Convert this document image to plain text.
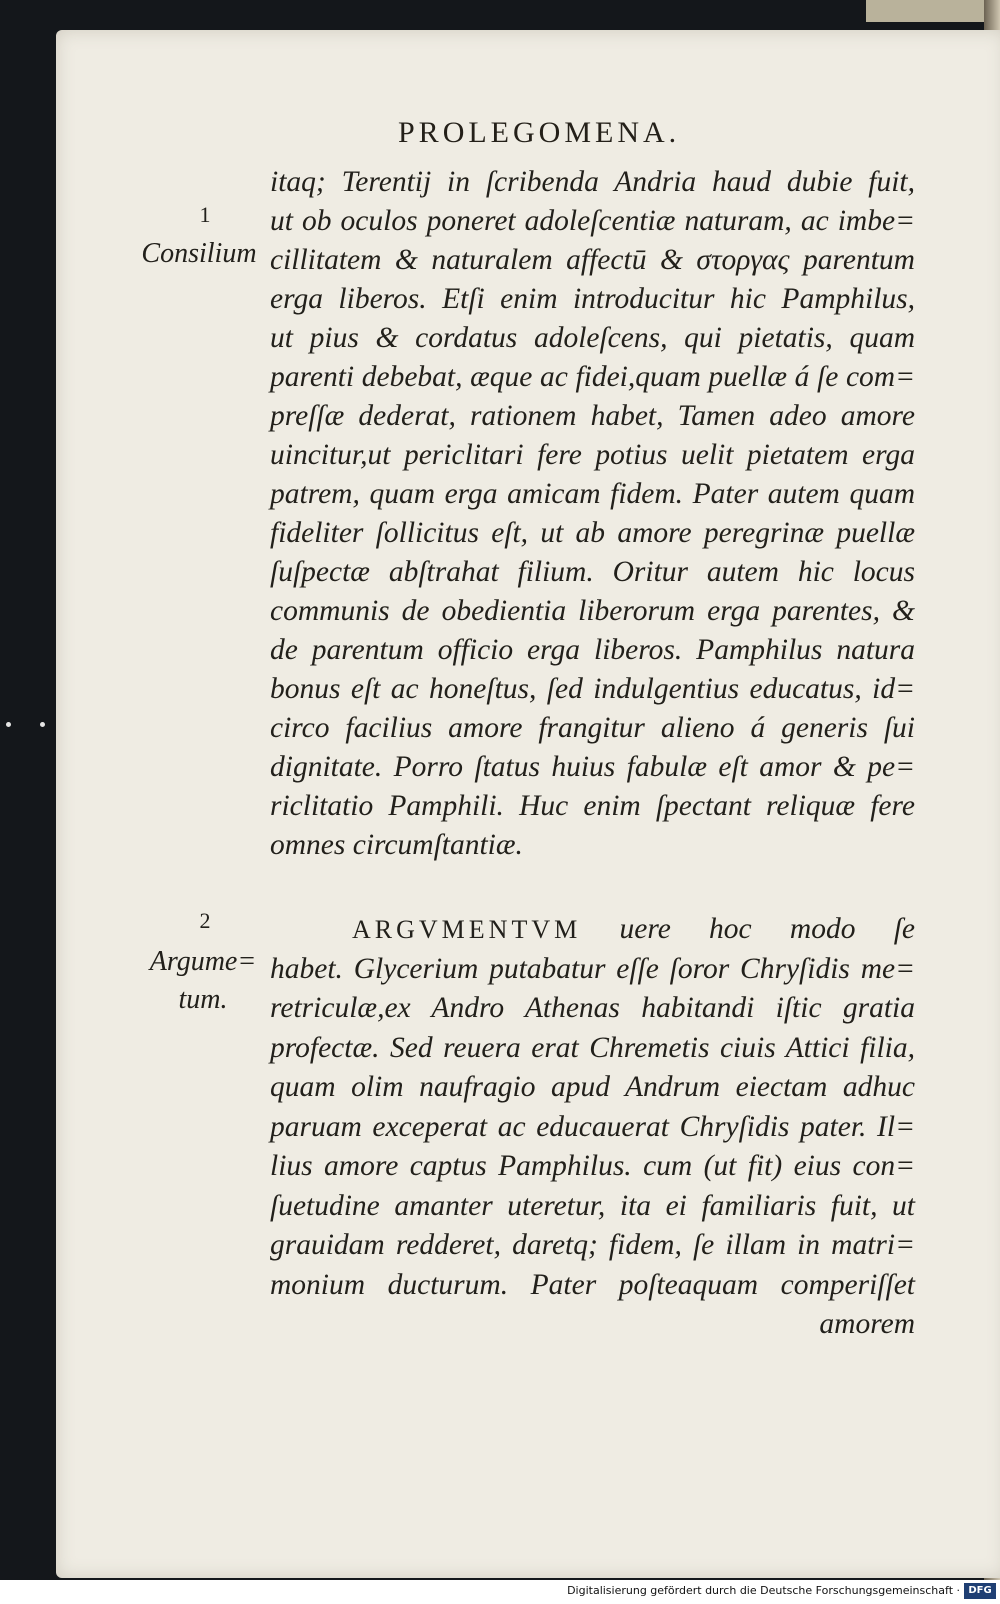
PROLEGOMENA.
1
Consilium
2
Argume=
tum.
itaq; Terentij in ſcribenda Andria haud dubie fuit,
ut ob oculos poneret adoleſcentiæ naturam, ac imbe=
cillitatem & naturalem affectū & στοργας parentum
erga liberos. Etſi enim introducitur hic Pamphilus,
ut pius & cordatus adoleſcens, qui pietatis, quam
parenti debebat, æque ac fidei,quam puellæ á ſe com=
preſſæ dederat, rationem habet, Tamen adeo amore
uincitur,ut periclitari fere potius uelit pietatem erga
patrem, quam erga amicam fidem. Pater autem quam
fideliter ſollicitus eſt, ut ab amore peregrinæ puellæ
ſuſpectæ abſtrahat filium. Oritur autem hic locus
communis de obedientia liberorum erga parentes, &
de parentum officio erga liberos. Pamphilus natura
bonus eſt ac honeſtus, ſed indulgentius educatus, id=
circo facilius amore frangitur alieno á generis ſui
dignitate. Porro ſtatus huius fabulæ eſt amor & pe=
riclitatio Pamphili. Huc enim ſpectant reliquæ fere
omnes circumſtantiæ.
ARGVMENTVM uere hoc modo ſe
habet. Glycerium putabatur eſſe ſoror Chryſidis me=
retriculæ,ex Andro Athenas habitandi iſtic gratia
profectæ. Sed reuera erat Chremetis ciuis Attici filia,
quam olim naufragio apud Andrum eiectam adhuc
paruam exceperat ac educauerat Chryſidis pater. Il=
lius amore captus Pamphilus. cum (ut fit) eius con=
ſuetudine amanter uteretur, ita ei familiaris fuit, ut
grauidam redderet, daretq; fidem, ſe illam in matri=
monium ducturum. Pater poſteaquam comperiſſet
amorem
Digitalisierung gefördert durch die Deutsche Forschungsgemeinschaft · DFG
